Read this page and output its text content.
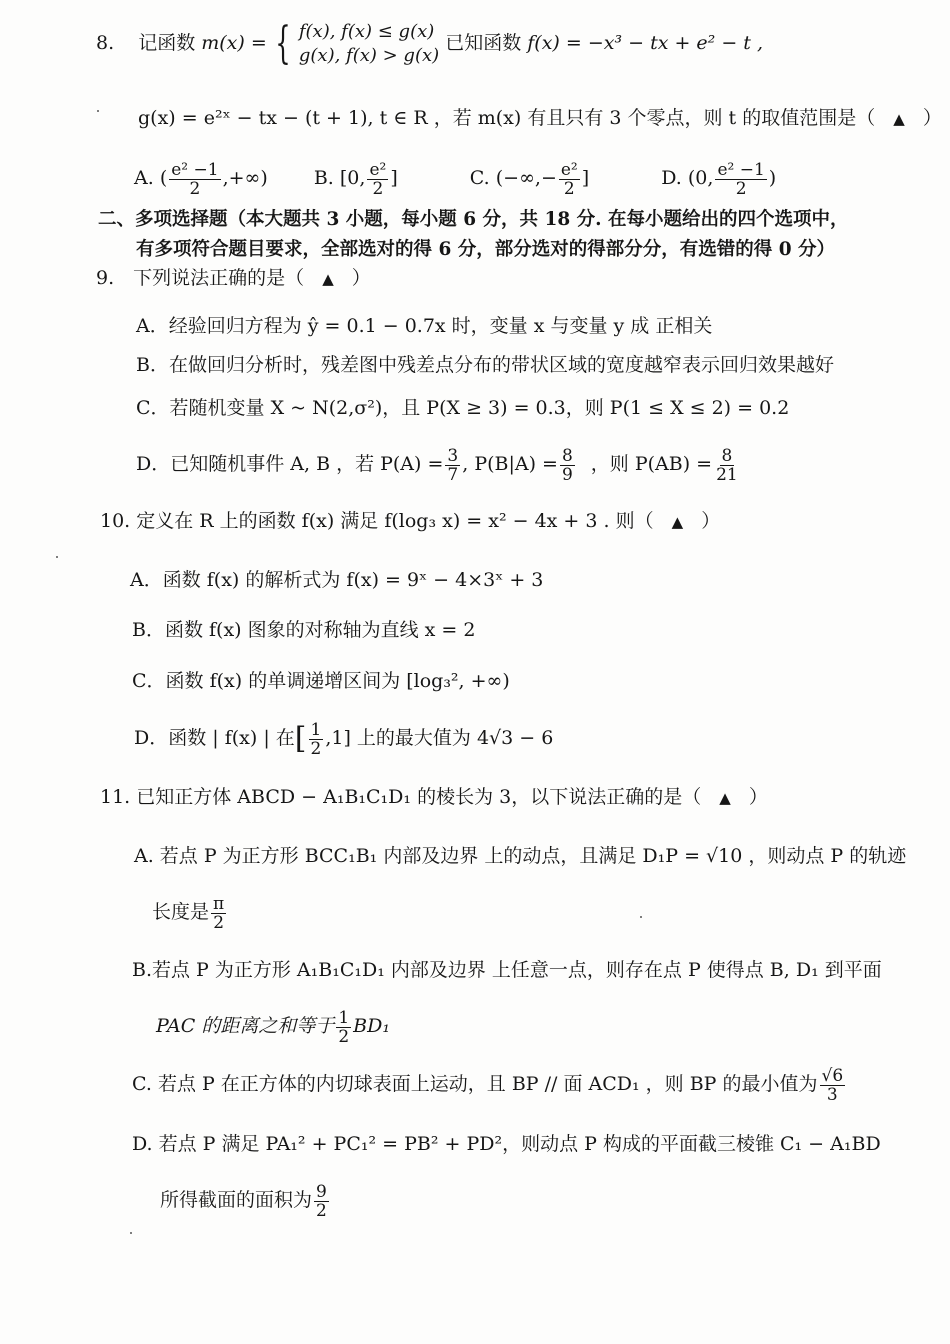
8. 记函数 m(x) = { f(x), f(x) ≤ g(x)
g(x), f(x) > g(x)
已知函数 f(x) = −x³ − tx + e² − t ,
g(x) = e²ˣ − tx − (t + 1), t ∈ R ，若 m(x) 有且只有 3 个零点，则 t 的取值范围是（ ▲ ）
A. ( $\frac{\text{e² −1}}{2}$ ,+∞) B. [0, $\frac{\text{e²}}{2}$ ]	C. (−∞,− $\frac{\text{e²}}{2}$ ]	D. (0, $\frac{\text{e² −1}}{2}$ )
二、多项选择题（本大题共 3 小题，每小题 6 分，共 18 分. 在每小题给出的四个选项中，
有多项符合题目要求，全部选对的得 6 分，部分选对的得部分分，有选错的得 0 分）
9.　下列说法正确的是（ ▲ ）
A．经验回归方程为 ŷ = 0.1 − 0.7x 时，变量 x 与变量 y 成 正相关
B．在做回归分析时，残差图中残差点分布的带状区域的宽度越窄表示回归效果越好
C．若随机变量 X ~ N(2,σ²)，且 P(X ≥ 3) = 0.3，则 P(1 ≤ X ≤ 2) = 0.2
D．已知随机事件 A, B ，若 $P(A) = \frac{3}{7}$ , $P(B|A) = \frac{8}{9}$ ，则 $P(AB) = \frac{8}{21}$
10. 定义在 R 上的函数 f(x) 满足 f(log₃ x) = x² − 4x + 3 . 则（ ▲ ）
A．函数 f(x) 的解析式为 f(x) = 9ˣ − 4×3ˣ + 3
B．函数 f(x) 图象的对称轴为直线 x = 2
C．函数 f(x) 的单调递增区间为 [log₃², +∞)
D．函数 | f(x) | 在[ $\frac{1}{2} ,1$] 上的最大值为 4√3 − 6
11. 已知正方体 ABCD − A₁B₁C₁D₁ 的棱长为 3，以下说法正确的是（ ▲ ）
A. 若点 P 为正方形 BCC₁B₁ 内部及边界 上的动点，且满足 D₁P = √10 ，则动点 P 的轨迹
长度是 $\frac{\pi}{2}$
B.若点 P 为正方形 A₁B₁C₁D₁ 内部及边界 上任意一点，则存在点 P 使得点 B, D₁ 到平面
PAC 的距离之和等于 $\frac{1}{2} BD_1$
C. 若点 P 在正方体的内切球表面上运动，且 BP // 面 ACD₁ ，则 BP 的最小值为 $\frac{√6}{3}$
D. 若点 P 满足 PA₁² + PC₁² = PB² + PD²，则动点 P 构成的平面截三棱锥 C₁ − A₁BD
所得截面的面积为 $\frac{9}{2}$
